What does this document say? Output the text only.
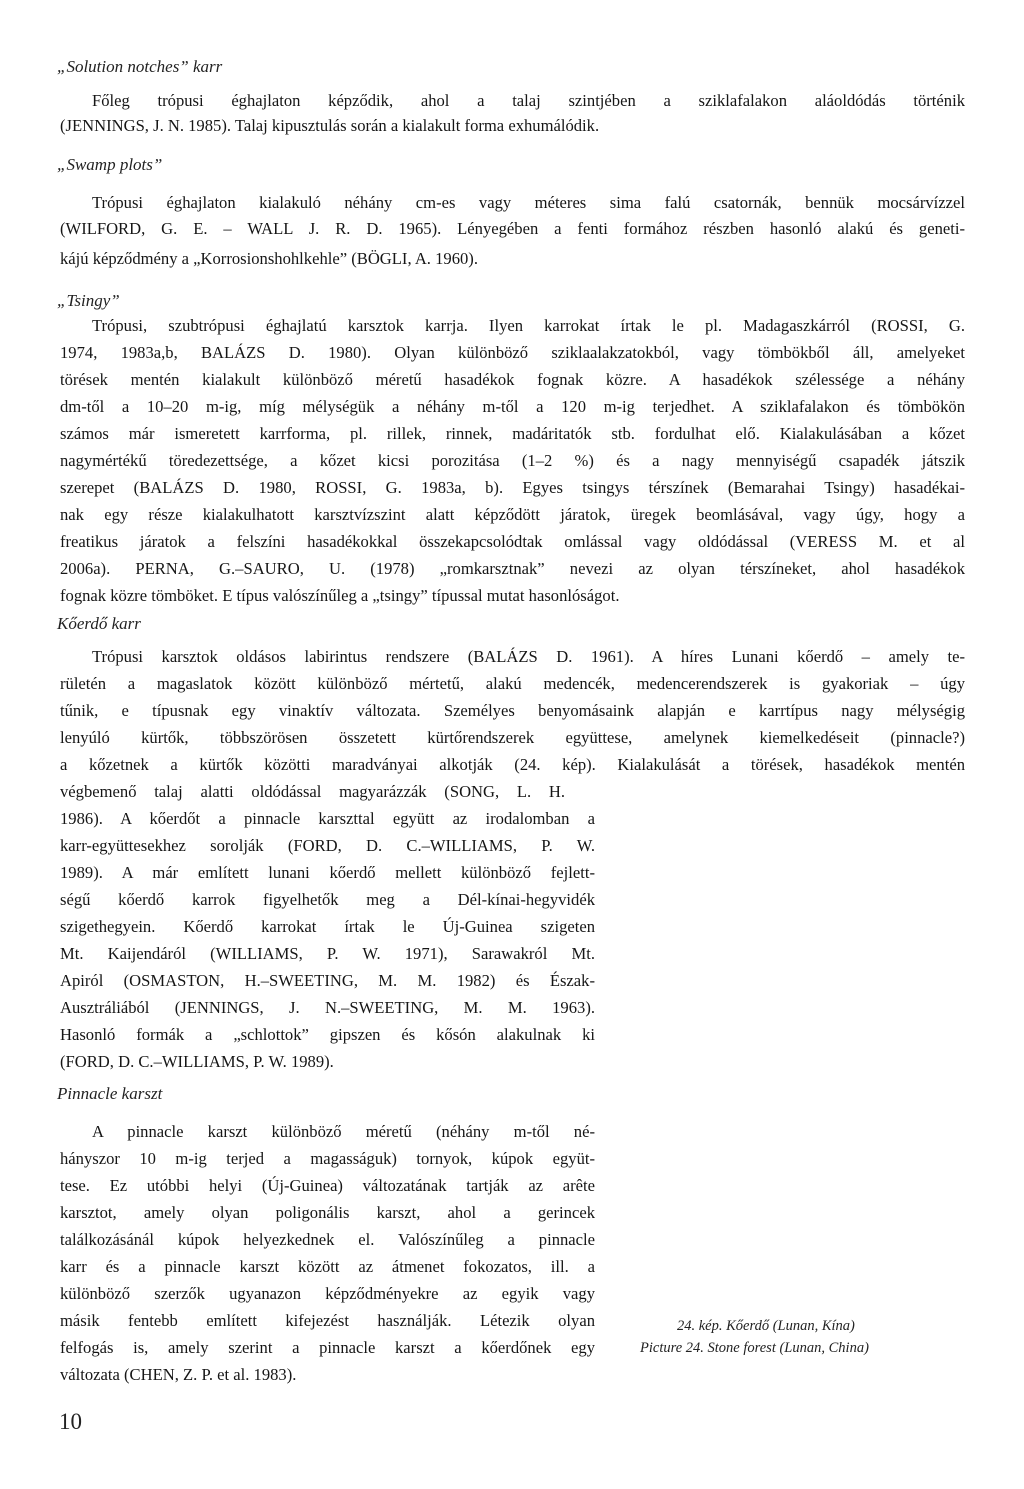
„Solution notches” karr
Főleg trópusi éghajlaton képződik, ahol a talaj szintjében a sziklafalakon aláoldódás történik
(JENNINGS, J. N. 1985). Talaj kipusztulás során a kialakult forma exhumálódik.
„Swamp plots”
Trópusi éghajlaton kialakuló néhány cm-es vagy méteres sima falú csatornák, bennük mocsárvízzel
(WILFORD, G. E. – WALL J. R. D. 1965). Lényegében a fenti formához részben hasonló alakú és geneti-
kájú képződmény a „Korrosionshohlkehle” (BÖGLI, A. 1960).
„Tsingy”
Trópusi, szubtrópusi éghajlatú karsztok karrja. Ilyen karrokat írtak le pl. Madagaszkárról (ROSSI, G.
1974, 1983a,b, BALÁZS D. 1980). Olyan különböző sziklaalakzatokból, vagy tömbökből áll, amelyeket
törések mentén kialakult különböző méretű hasadékok fognak közre. A hasadékok szélessége a néhány
dm-től a 10–20 m-ig, míg mélységük a néhány m-től a 120 m-ig terjedhet. A sziklafalakon és tömbökön
számos már ismeretett karrforma, pl. rillek, rinnek, madáritatók stb. fordulhat elő. Kialakulásában a kőzet
nagymértékű töredezettsége, a kőzet kicsi porozitása (1–2 %) és a nagy mennyiségű csapadék játszik
szerepet (BALÁZS D. 1980, ROSSI, G. 1983a, b). Egyes tsingys térszínek (Bemarahai Tsingy) hasadékai-
nak egy része kialakulhatott karsztvízszint alatt képződött járatok, üregek beomlásával, vagy úgy, hogy a
freatikus járatok a felszíni hasadékokkal összekapcsolódtak omlással vagy oldódással (VERESS M. et al
2006a). PERNA, G.–SAURO, U. (1978) „romkarsztnak” nevezi az olyan térszíneket, ahol hasadékok
fognak közre tömböket. E típus valószínűleg a „tsingy” típussal mutat hasonlóságot.
Kőerdő karr
Trópusi karsztok oldásos labirintus rendszere (BALÁZS D. 1961). A híres Lunani kőerdő – amely te-
rületén a magaslatok között különböző mértetű, alakú medencék, medencerendszerek is gyakoriak – úgy
tűnik, e típusnak egy vinaktív változata. Személyes benyomásaink alapján e karrtípus nagy mélységig
lenyúló kürtők, többszörösen összetett kürtőrendszerek együttese, amelynek kiemelkedéseit (pinnacle?)
a kőzetnek a kürtők közötti maradványai alkotják (24. kép). Kialakulását a törések, hasadékok mentén
végbemenő talaj alatti oldódással magyarázzák (SONG, L. H.
1986). A kőerdőt a pinnacle karszttal együtt az irodalomban a
karr-együttesekhez sorolják (FORD, D. C.–WILLIAMS, P. W.
1989). A már említett lunani kőerdő mellett különböző fejlett-
ségű kőerdő karrok figyelhetők meg a Dél-kínai-hegyvidék
szigethegyein. Kőerdő karrokat írtak le Új-Guinea szigeten
Mt. Kaijendáról (WILLIAMS, P. W. 1971), Sarawakról Mt.
Apiról (OSMASTON, H.–SWEETING, M. M. 1982) és Észak-
Ausztráliából (JENNINGS, J. N.–SWEETING, M. M. 1963).
Hasonló formák a „schlottok” gipszen és kősón alakulnak ki
(FORD, D. C.–WILLIAMS, P. W. 1989).
Pinnacle karszt
A pinnacle karszt különböző méretű (néhány m-től né-
hányszor 10 m-ig terjed a magasságuk) tornyok, kúpok együt-
tese. Ez utóbbi helyi (Új-Guinea) változatának tartják az arête
karsztot, amely olyan poligonális karszt, ahol a gerincek
találkozásánál kúpok helyezkednek el. Valószínűleg a pinnacle
karr és a pinnacle karszt között az átmenet fokozatos, ill. a
különböző szerzők ugyanazon képződményekre az egyik vagy
másik fentebb említett kifejezést használják. Létezik olyan
felfogás is, amely szerint a pinnacle karszt a kőerdőnek egy
változata (CHEN, Z. P. et al. 1983).
24. kép. Kőerdő (Lunan, Kína)
Picture 24. Stone forest (Lunan, China)
10
